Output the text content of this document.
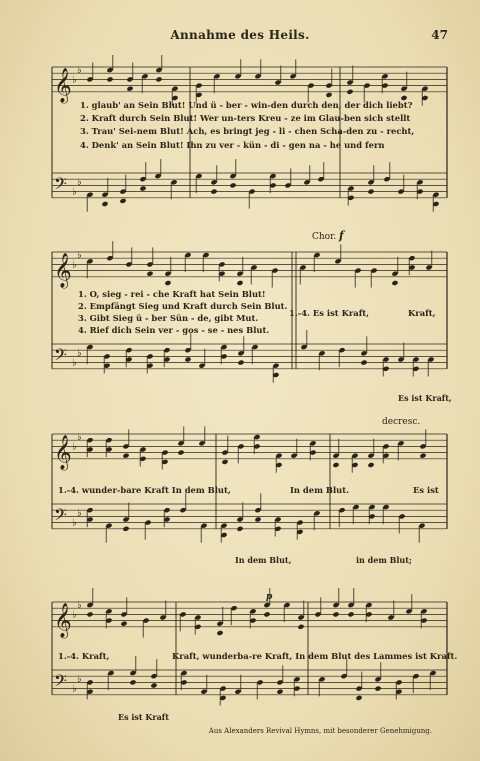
Annahme des Heils.	47
𝄞 ♭
♭
𝄢 ♭
♭
1. glaub' an Sein Blut! Und ü - ber - win-den durch den, der dich liebt?
2. Kraft durch Sein Blut! Wer un-ters Kreu - ze im Glau-ben sich stellt
3. Trau' Sei-nem Blut! Ach, es bringt jeg - li - chen Scha-den zu - recht,
4. Denk' an Sein Blut! Ihn zu ver - kün - di - gen na - he und fern
𝄞 ♭
♭
𝄢 ♭
♭
Chor. f
1. O, sieg - rei - che Kraft hat Sein Blut!
2. Empfängt Sieg und Kraft durch Sein Blut.
3. Gibt Sieg ü - ber Sün - de, gibt Mut.
4. Rief dich Sein ver - gos - se - nes Blut.
1.-4. Es ist Kraft,	Kraft,
Es ist Kraft,
𝄞 ♭
♭
𝄢 ♭
♭
decresc.
1.-4. wunder-bare Kraft In dem Blut,	In dem Blut.	Es ist
In dem Blut,	in dem Blut;
𝄞 ♭
♭
𝄢 ♭
♭
p
1.-4. Kraft,	Kraft, wunderba-re Kraft, In dem Blut des Lammes ist Kraft.
Es ist Kraft
Aus Alexanders Revival Hymns, mit besonderer Genehmigung.
